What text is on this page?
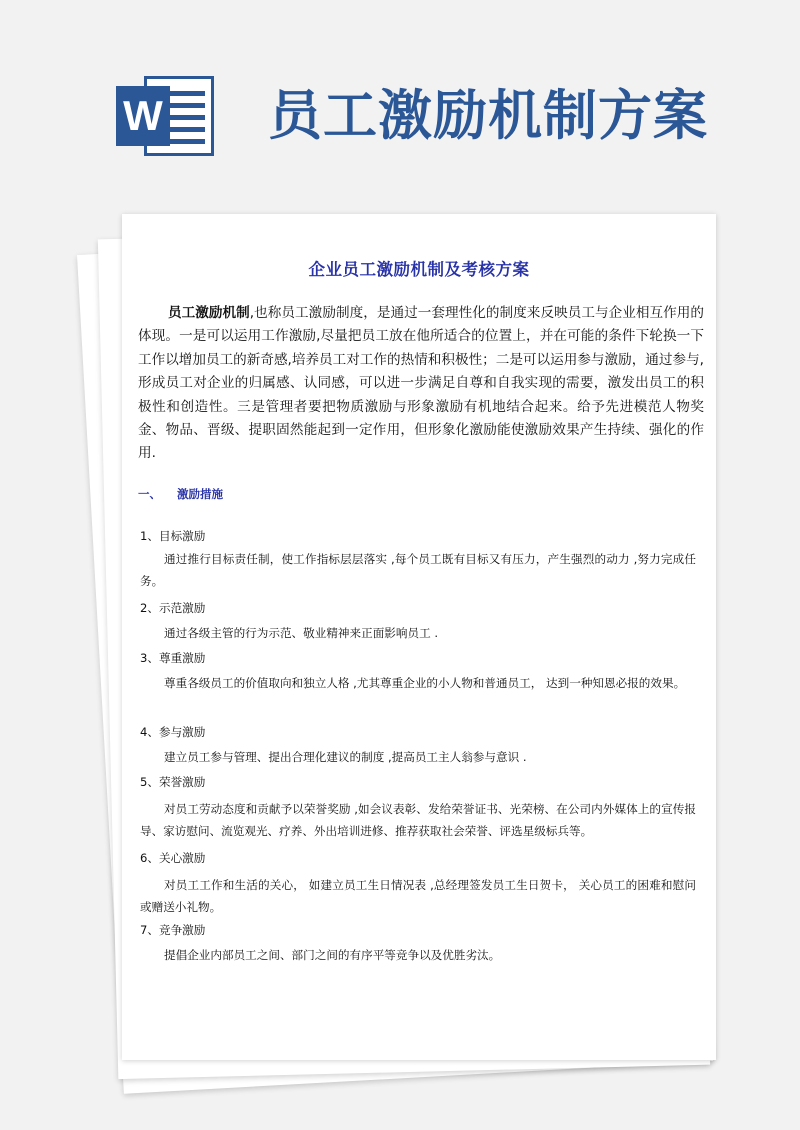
W 员工激励机制方案
企业员工激励机制及考核方案

员工激励机制,也称员工激励制度，是通过一套理性化的制度来反映员工与企业相互作用的体现。一是可以运用工作激励,尽量把员工放在他所适合的位置上，并在可能的条件下轮换一下工作以增加员工的新奇感,培养员工对工作的热情和积极性；二是可以运用参与激励，通过参与,形成员工对企业的归属感、认同感，可以进一步满足自尊和自我实现的需要，激发出员工的积极性和创造性。三是管理者要把物质激励与形象激励有机地结合起来。给予先进模范人物奖金、物品、晋级、提职固然能起到一定作用，但形象化激励能使激励效果产生持续、强化的作用.

一、 激励措施
1、目标激励

通过推行目标责任制，使工作指标层层落实 ,每个员工既有目标又有压力，产生强烈的动力 ,努力完成任务。

2、示范激励

通过各级主管的行为示范、敬业精神来正面影响员工 .

3、尊重激励

尊重各级员工的价值取向和独立人格 ,尤其尊重企业的小人物和普通员工， 达到一种知恩必报的效果。

4、参与激励

建立员工参与管理、提出合理化建议的制度 ,提高员工主人翁参与意识 .

5、荣誉激励

对员工劳动态度和贡献予以荣誉奖励 ,如会议表彰、发给荣誉证书、光荣榜、在公司内外媒体上的宣传报导、家访慰问、流览观光、疗养、外出培训进修、推荐获取社会荣誉、评选星级标兵等。

6、关心激励

对员工工作和生活的关心， 如建立员工生日情况表 ,总经理签发员工生日贺卡， 关心员工的困难和慰问或赠送小礼物。

7、竞争激励

提倡企业内部员工之间、部门之间的有序平等竞争以及优胜劣汰。
